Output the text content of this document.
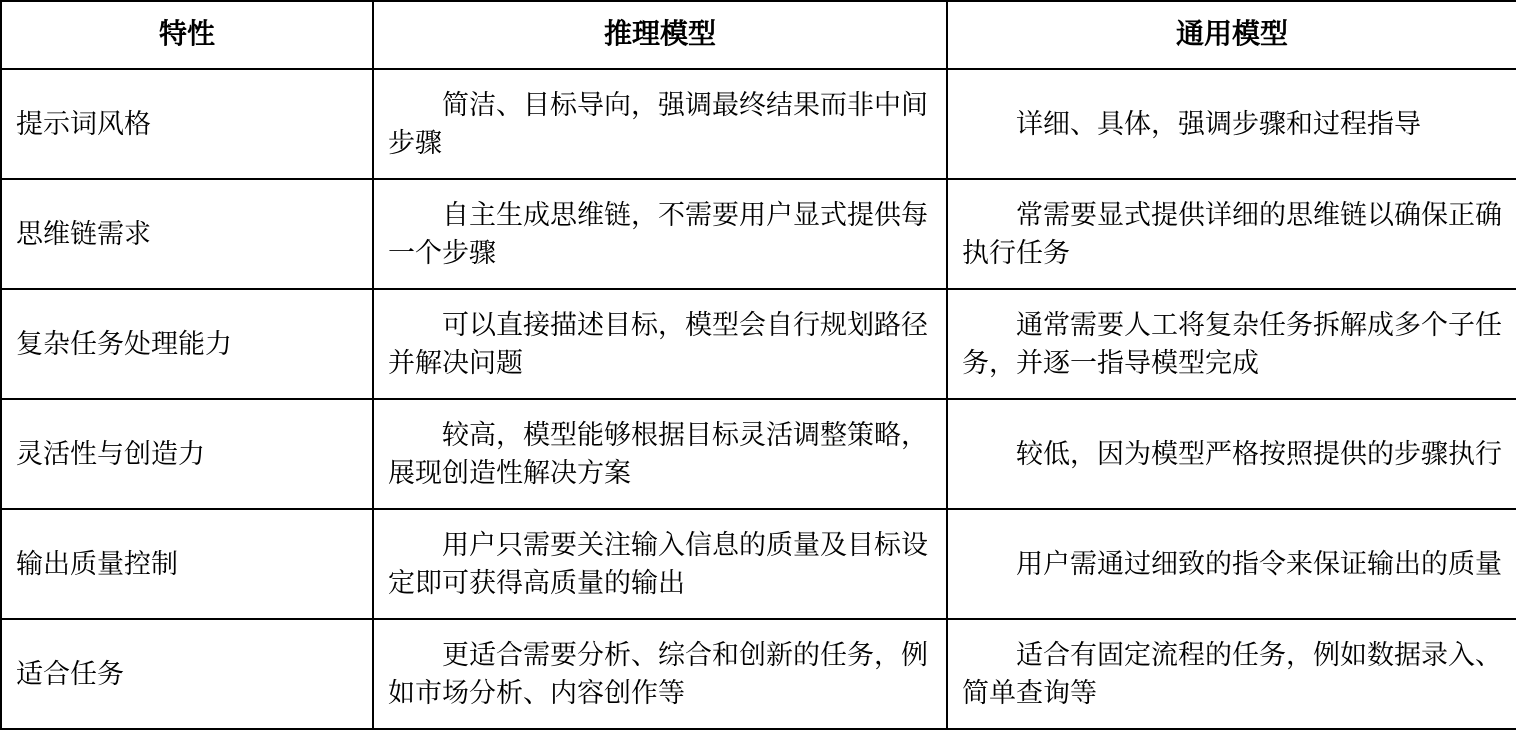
特性	推理模型	通用模型
提示词风格	简洁、目标导向，强调最终结果而非中间步骤	详细、具体，强调步骤和过程指导
思维链需求	自主生成思维链，不需要用户显式提供每一个步骤	常需要显式提供详细的思维链以确保正确执行任务
复杂任务处理能力	可以直接描述目标，模型会自行规划路径并解决问题	通常需要人工将复杂任务拆解成多个子任务，并逐一指导模型完成
灵活性与创造力	较高，模型能够根据目标灵活调整策略，展现创造性解决方案	较低，因为模型严格按照提供的步骤执行
输出质量控制	用户只需要关注输入信息的质量及目标设定即可获得高质量的输出	用户需通过细致的指令来保证输出的质量
适合任务	更适合需要分析、综合和创新的任务，例如市场分析、内容创作等	适合有固定流程的任务，例如数据录入、简单查询等
